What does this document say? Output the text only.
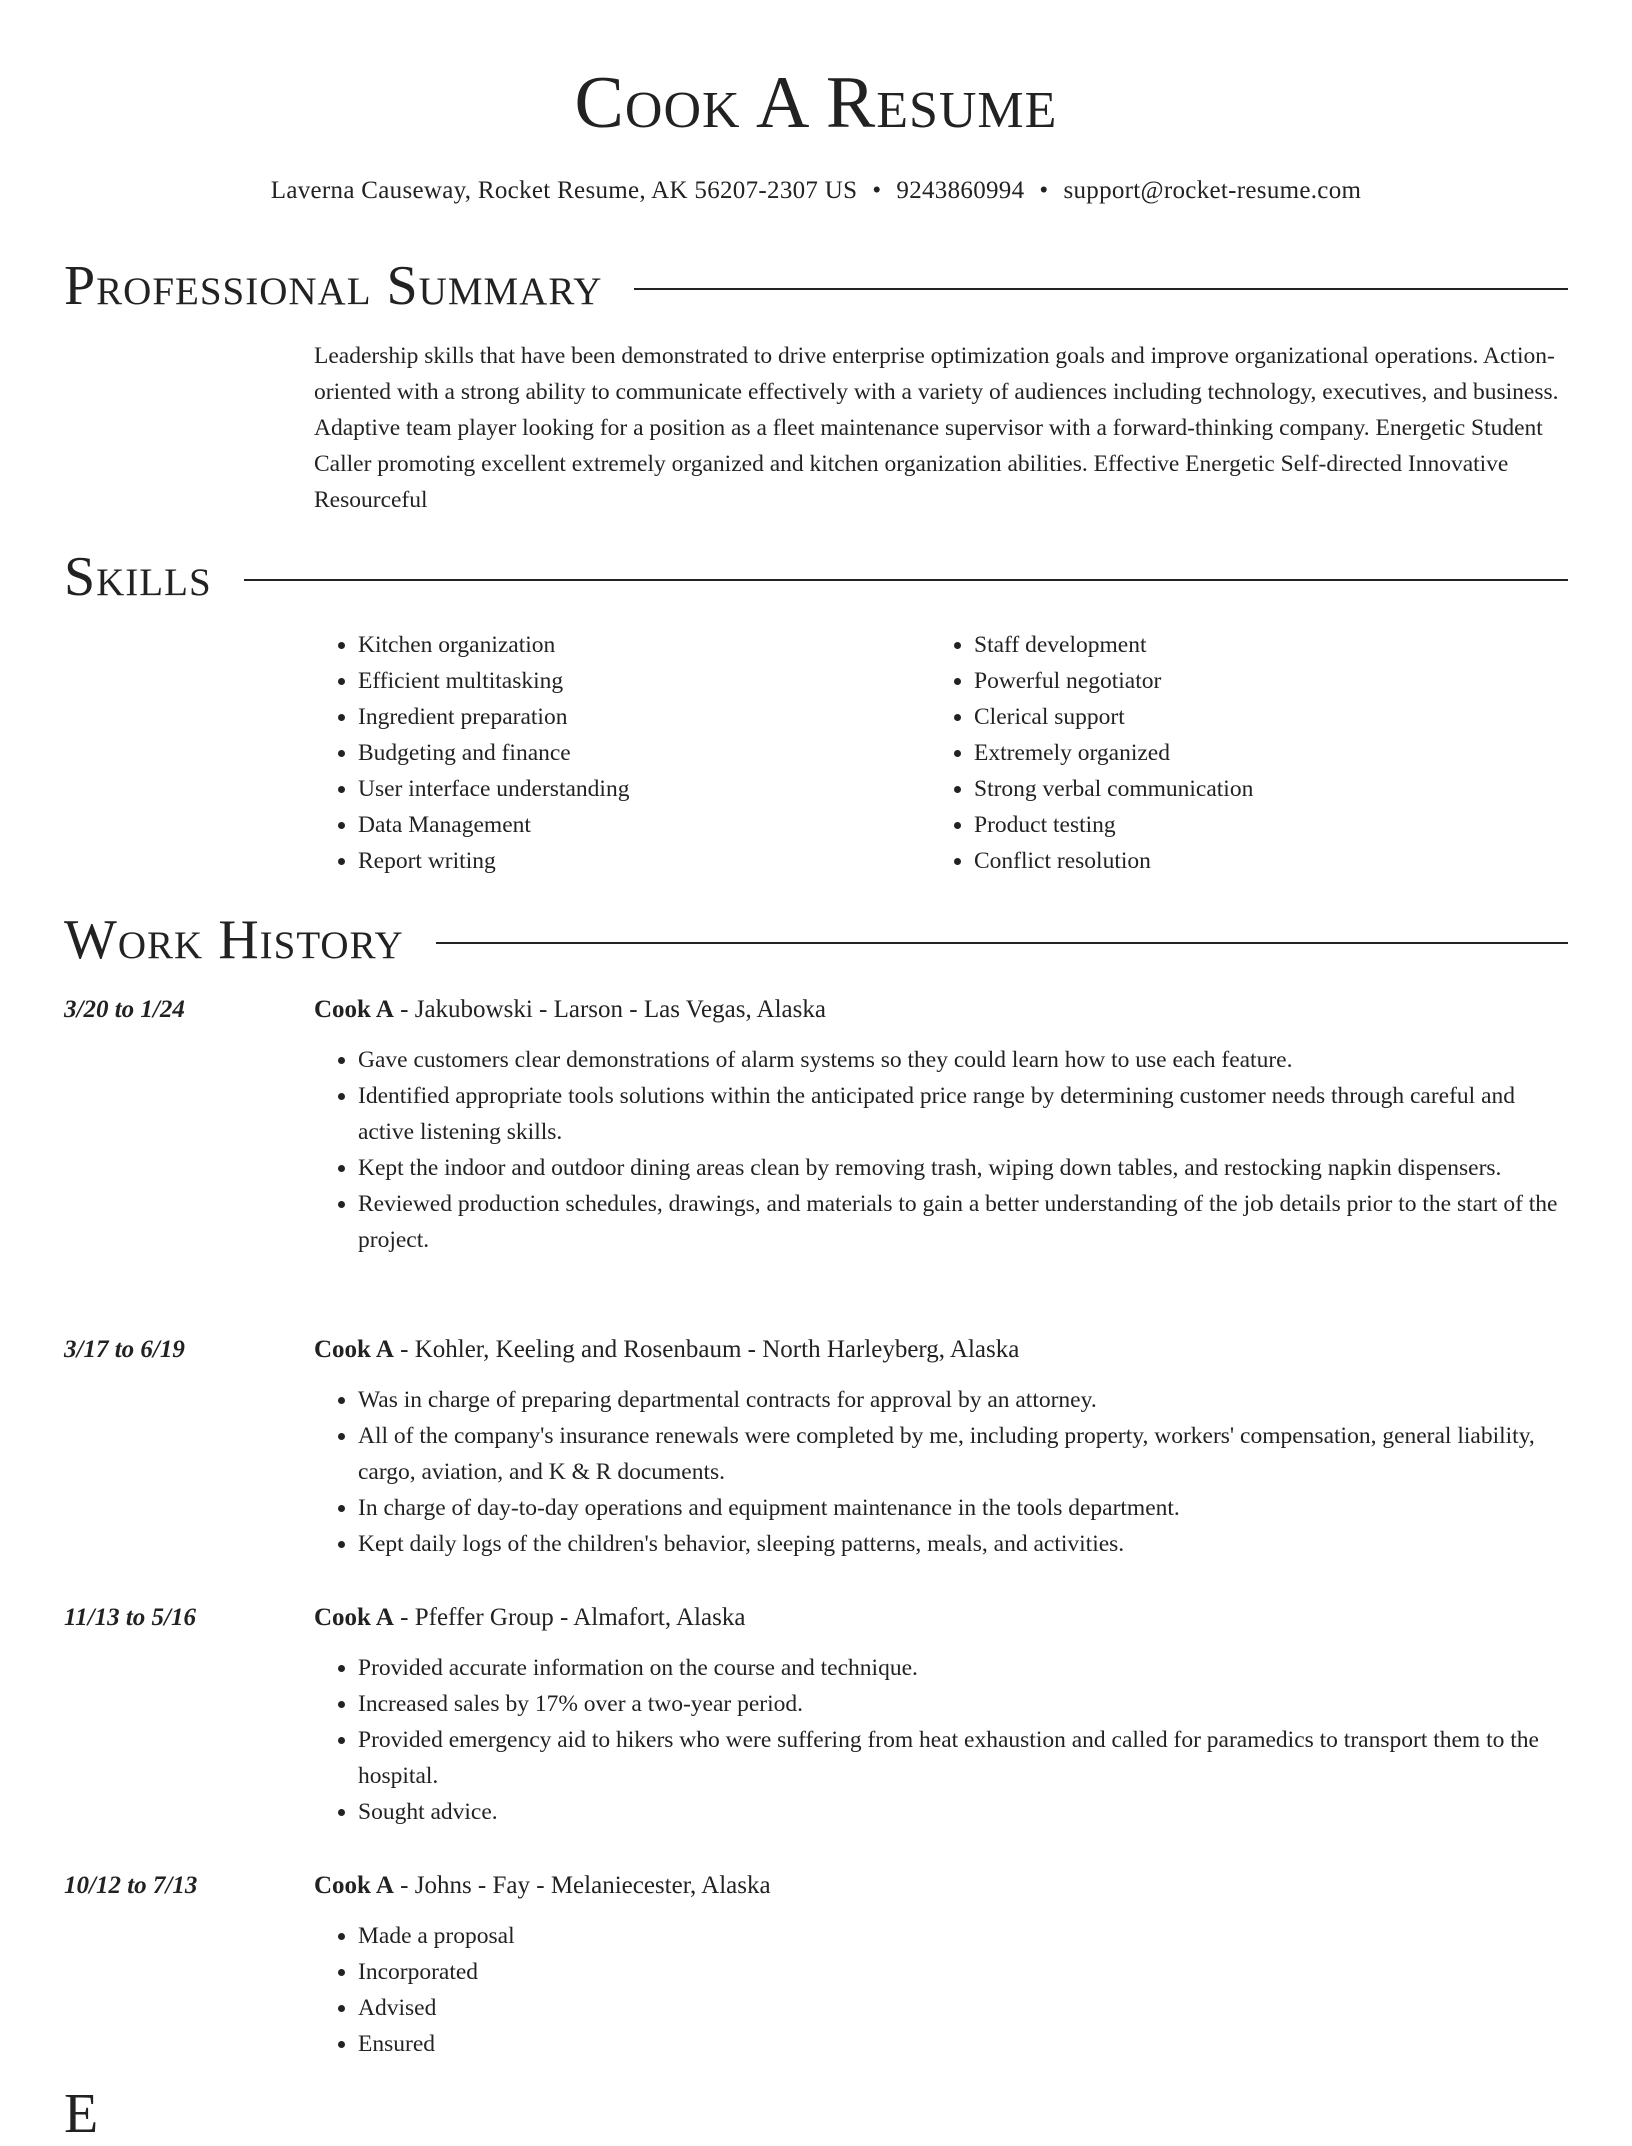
Cook A Resume
Laverna Causeway, Rocket Resume, AK 56207-2307 US • 9243860994 • support@rocket-resume.com
Professional Summary

Leadership skills that have been demonstrated to drive enterprise optimization goals and improve organizational operations. Action-oriented with a strong ability to communicate effectively with a variety of audiences including technology, executives, and business. Adaptive team player looking for a position as a fleet maintenance supervisor with a forward-thinking company. Energetic Student Caller promoting excellent extremely organized and kitchen organization abilities. Effective Energetic Self-directed Innovative Resourceful

Skills
• Kitchen organization
• Efficient multitasking
• Ingredient preparation
• Budgeting and finance
• User interface understanding
• Data Management
• Report writing
• Staff development
• Powerful negotiator
• Clerical support
• Extremely organized
• Strong verbal communication
• Product testing
• Conflict resolution
Work History
3/20 to 1/24	Cook A - Jakubowski - Larson - Las Vegas, Alaska
• Gave customers clear demonstrations of alarm systems so they could learn how to use each feature.
• Identified appropriate tools solutions within the anticipated price range by determining customer needs through careful and active listening skills.
• Kept the indoor and outdoor dining areas clean by removing trash, wiping down tables, and restocking napkin dispensers.
• Reviewed production schedules, drawings, and materials to gain a better understanding of the job details prior to the start of the project.
3/17 to 6/19	Cook A - Kohler, Keeling and Rosenbaum - North Harleyberg, Alaska
• Was in charge of preparing departmental contracts for approval by an attorney.
• All of the company's insurance renewals were completed by me, including property, workers' compensation, general liability, cargo, aviation, and K & R documents.
• In charge of day-to-day operations and equipment maintenance in the tools department.
• Kept daily logs of the children's behavior, sleeping patterns, meals, and activities.
11/13 to 5/16	Cook A - Pfeffer Group - Almafort, Alaska
• Provided accurate information on the course and technique.
• Increased sales by 17% over a two-year period.
• Provided emergency aid to hikers who were suffering from heat exhaustion and called for paramedics to transport them to the hospital.
• Sought advice.
10/12 to 7/13	Cook A - Johns - Fay - Melaniecester, Alaska
• Made a proposal
• Incorporated
• Advised
• Ensured
E
